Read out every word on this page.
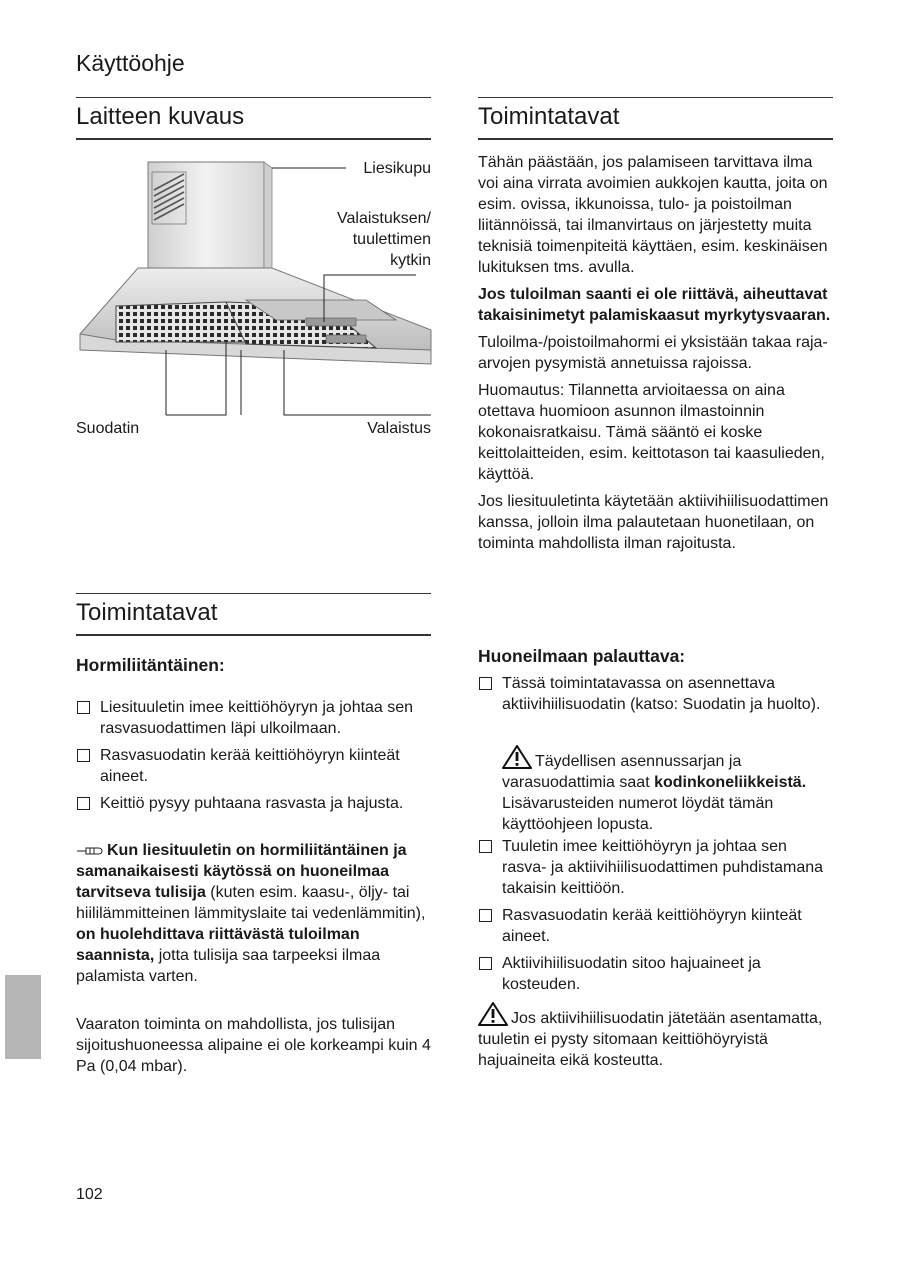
Käyttöohje
Laitteen kuvaus
Liesikupu
Valaistuksen/
tuulettimen
kytkin
Suodatin	Valaistus
Toimintatavat
Hormiliitäntäinen:
Liesituuletin imee keittiöhöyryn ja johtaa sen rasvasuodattimen läpi ulkoilmaan.
Rasvasuodatin kerää keittiöhöyryn kiinteät aineet.
Keittiö pysyy puhtaana rasvasta ja hajusta.
Kun liesituuletin on hormiliitäntäinen ja samanaikaisesti käytössä on huoneilmaa tarvitseva tulisija (kuten esim. kaasu-, öljy- tai hiililämmitteinen lämmityslaite tai vedenlämmitin), on huolehdittava riittävästä tuloilman saannista, jotta tulisija saa tarpeeksi ilmaa palamista varten.

Vaaraton toiminta on mahdollista, jos tulisijan sijoitushuoneessa alipaine ei ole korkeampi kuin 4 Pa (0,04 mbar).

Toimintatavat

Tähän päästään, jos palamiseen tarvittava ilma voi aina virrata avoimien aukkojen kautta, joita on esim. ovissa, ikkunoissa, tulo- ja poistoilman liitännöissä, tai ilmanvirtaus on järjestetty muita teknisiä toimenpiteitä käyttäen, esim. keskinäisen lukituksen tms. avulla.

Jos tuloilman saanti ei ole riittävä, aiheuttavat takaisinimetyt palamiskaasut myrkytysvaaran.

Tuloilma-/poistoilmahormi ei yksistään takaa raja-arvojen pysymistä annetuissa rajoissa.

Huomautus: Tilannetta arvioitaessa on aina otettava huomioon asunnon ilmastoinnin kokonaisratkaisu. Tämä sääntö ei koske keittolaitteiden, esim. keittotason tai kaasulieden, käyttöä.

Jos liesituuletinta käytetään aktiivihiilisuodattimen kanssa, jolloin ilma palautetaan huonetilaan, on toiminta mahdollista ilman rajoitusta.

Huoneilmaan palauttava:
Tässä toimintatavassa on asennettava aktiivihiilisuodatin (katso: Suodatin ja huolto).
Täydellisen asennussarjan ja varasuodattimia saat kodinkoneliikkeistä. Lisävarusteiden numerot löydät tämän käyttöohjeen lopusta.
Tuuletin imee keittiöhöyryn ja johtaa sen rasva- ja aktiivihiilisuodattimen puhdistamana takaisin keittiöön.
Rasvasuodatin kerää keittiöhöyryn kiinteät aineet.
Aktiivihiilisuodatin sitoo hajuaineet ja kosteuden.
Jos aktiivihiilisuodatin jätetään asentamatta, tuuletin ei pysty sitomaan keittiöhöyryistä hajuaineita eikä kosteutta.
102
